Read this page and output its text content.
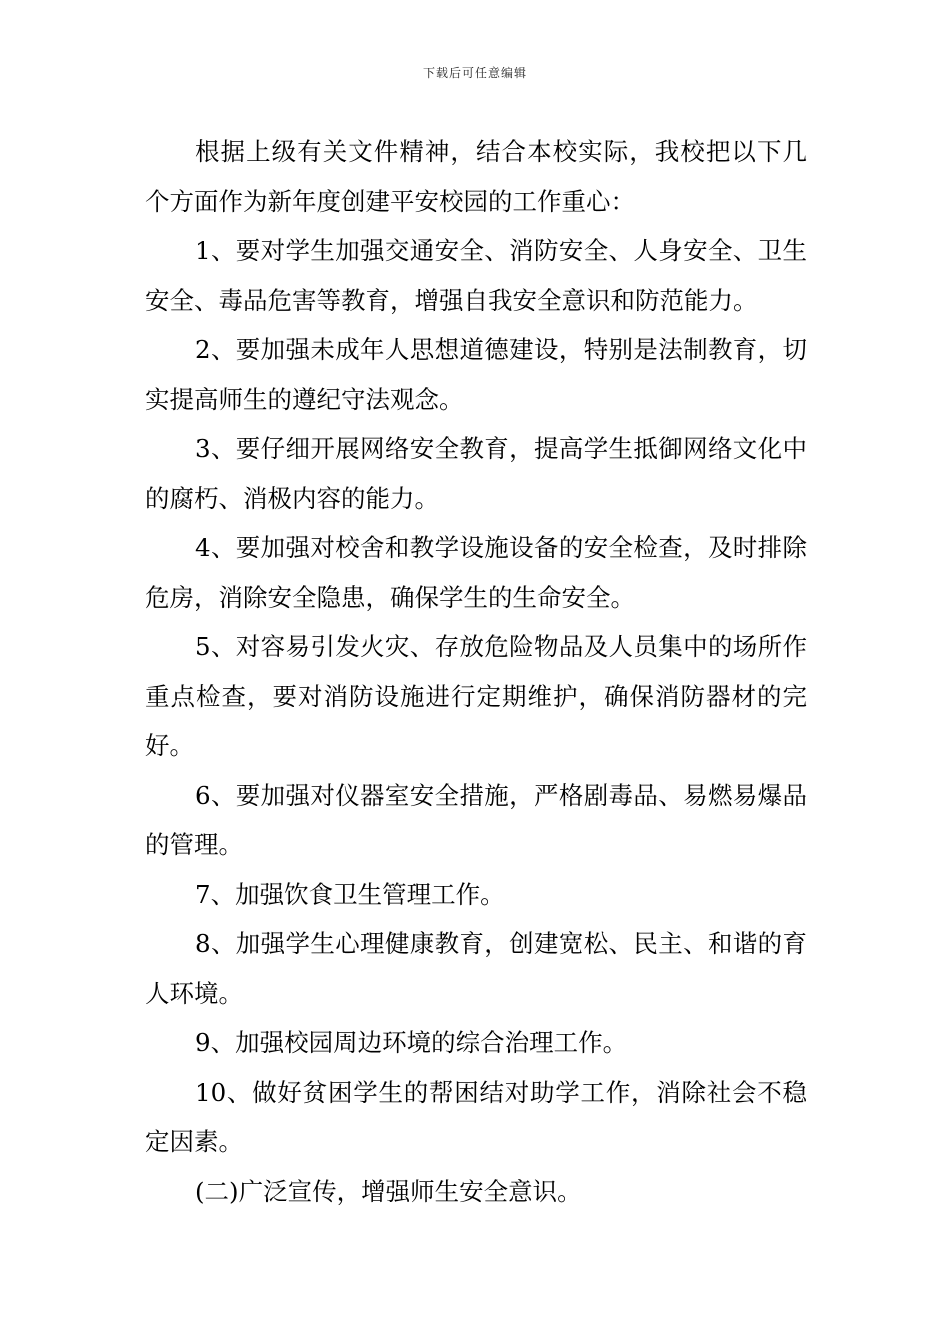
下载后可任意编辑

根据上级有关文件精神，结合本校实际，我校把以下几个方面作为新年度创建平安校园的工作重心：

1、要对学生加强交通安全、消防安全、人身安全、卫生安全、毒品危害等教育，增强自我安全意识和防范能力。

2、要加强未成年人思想道德建设，特别是法制教育，切实提高师生的遵纪守法观念。

3、要仔细开展网络安全教育，提高学生抵御网络文化中的腐朽、消极内容的能力。

4、要加强对校舍和教学设施设备的安全检查，及时排除危房，消除安全隐患，确保学生的生命安全。

5、对容易引发火灾、存放危险物品及人员集中的场所作重点检查，要对消防设施进行定期维护，确保消防器材的完好。

6、要加强对仪器室安全措施，严格剧毒品、易燃易爆品的管理。

7、加强饮食卫生管理工作。

8、加强学生心理健康教育，创建宽松、民主、和谐的育人环境。

9、加强校园周边环境的综合治理工作。

10、做好贫困学生的帮困结对助学工作，消除社会不稳定因素。

(二)广泛宣传，增强师生安全意识。
